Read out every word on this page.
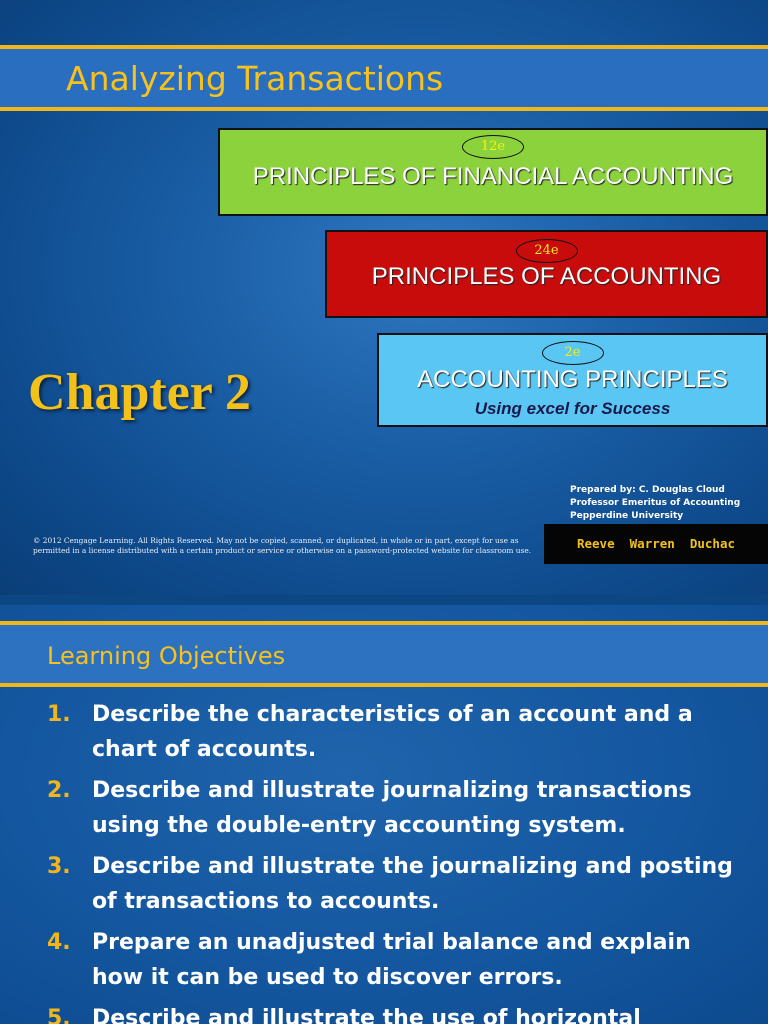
Analyzing Transactions
12e
PRINCIPLES OF FINANCIAL ACCOUNTING
24e
PRINCIPLES OF ACCOUNTING
2e
ACCOUNTING PRINCIPLES
Using excel for Success
Chapter 2
Prepared by: C. Douglas Cloud
Professor Emeritus of Accounting
Pepperdine University
© 2012 Cengage Learning. All Rights Reserved. May not be copied, scanned, or duplicated, in whole or in part, except for use as permitted in a license distributed with a certain product or service or otherwise on a password-protected website for classroom use.	Reeve  Warren  Duchac
Learning Objectives
1. Describe the characteristics of an account and a chart of accounts.
2. Describe and illustrate journalizing transactions using the double-entry accounting system.
3. Describe and illustrate the journalizing and posting of transactions to accounts.
4. Prepare an unadjusted trial balance and explain how it can be used to discover errors.
5. Describe and illustrate the use of horizontal
